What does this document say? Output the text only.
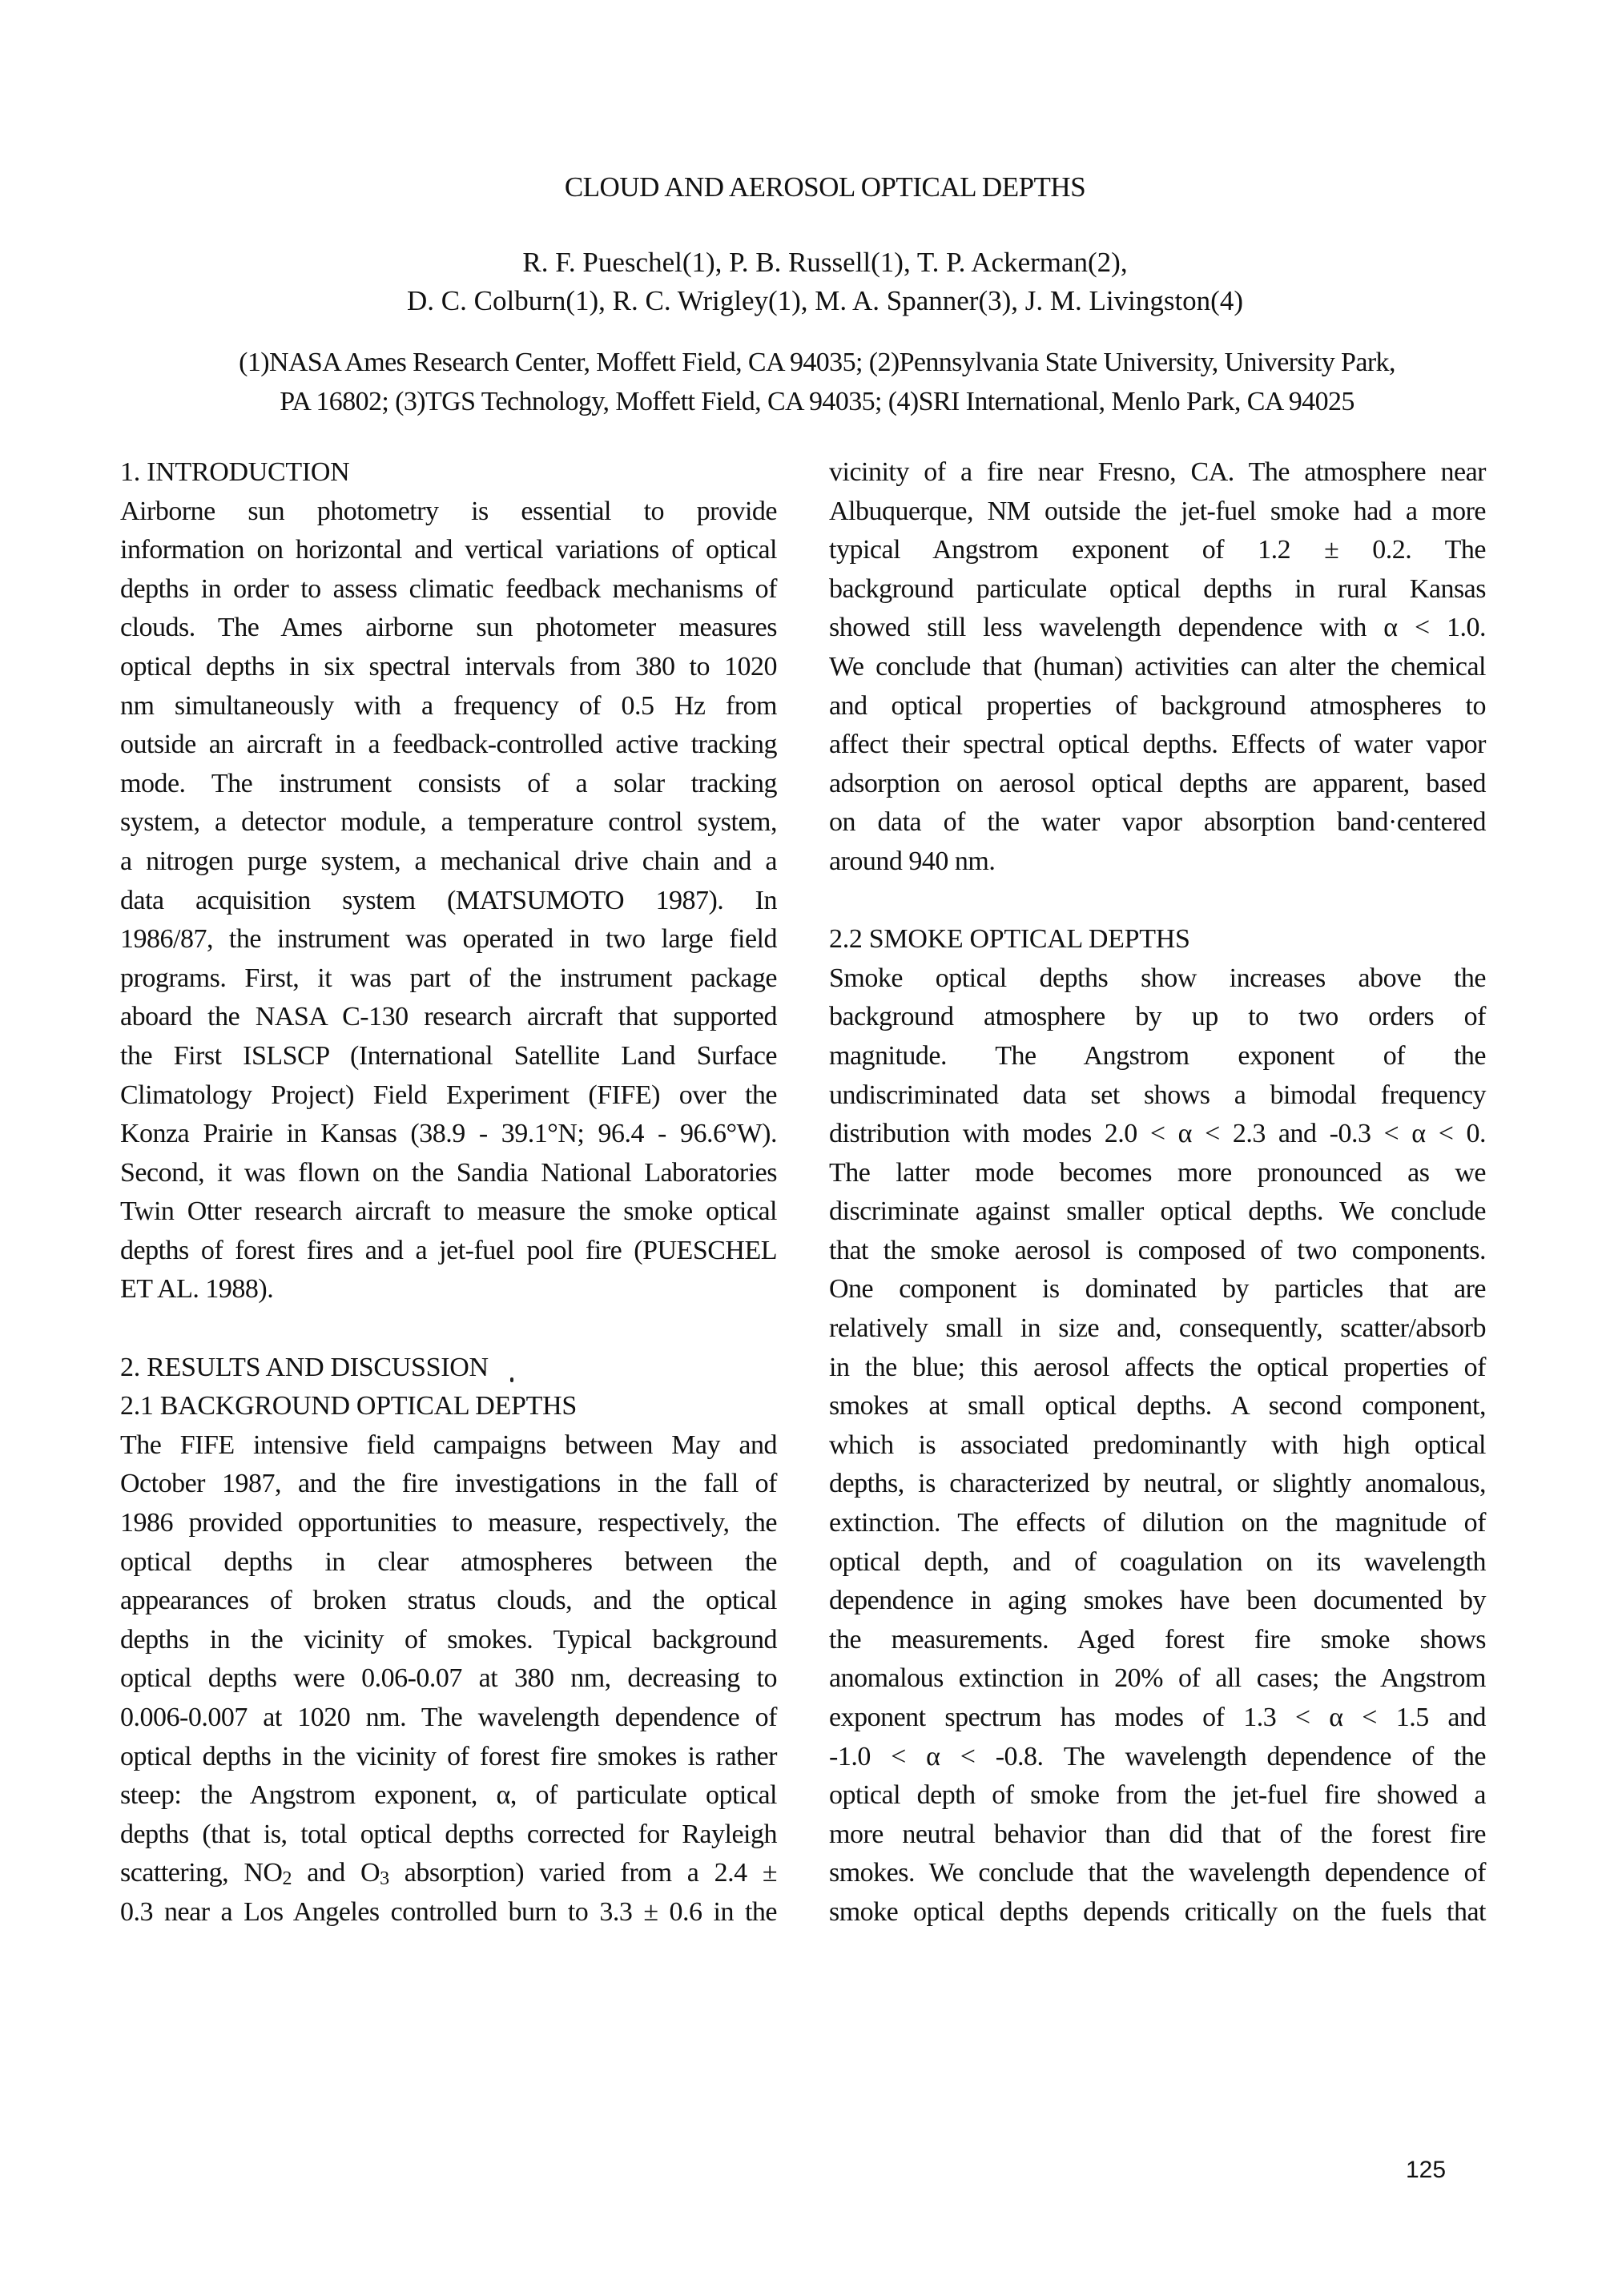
CLOUD AND AEROSOL OPTICAL DEPTHS
R. F. Pueschel(1), P. B. Russell(1), T. P. Ackerman(2),
D. C. Colburn(1), R. C. Wrigley(1), M. A. Spanner(3), J. M. Livingston(4)
(1)NASA Ames Research Center, Moffett Field, CA 94035; (2)Pennsylvania State University, University Park,
PA 16802; (3)TGS Technology, Moffett Field, CA 94035; (4)SRI International, Menlo Park, CA 94025
1. INTRODUCTION
Airborne sun photometry is essential to provide
information on horizontal and vertical variations of optical
depths in order to assess climatic feedback mechanisms of
clouds. The Ames airborne sun photometer measures
optical depths in six spectral intervals from 380 to 1020
nm simultaneously with a frequency of 0.5 Hz from
outside an aircraft in a feedback-controlled active tracking
mode. The instrument consists of a solar tracking
system, a detector module, a temperature control system,
a nitrogen purge system, a mechanical drive chain and a
data acquisition system (MATSUMOTO 1987). In
1986/87, the instrument was operated in two large field
programs. First, it was part of the instrument package
aboard the NASA C-130 research aircraft that supported
the First ISLSCP (International Satellite Land Surface
Climatology Project) Field Experiment (FIFE) over the
Konza Prairie in Kansas (38.9 - 39.1°N; 96.4 - 96.6°W).
Second, it was flown on the Sandia National Laboratories
Twin Otter research aircraft to measure the smoke optical
depths of forest fires and a jet-fuel pool fire (PUESCHEL
ET AL. 1988).
2. RESULTS AND DISCUSSION
2.1 BACKGROUND OPTICAL DEPTHS
The FIFE intensive field campaigns between May and
October 1987, and the fire investigations in the fall of
1986 provided opportunities to measure, respectively, the
optical depths in clear atmospheres between the
appearances of broken stratus clouds, and the optical
depths in the vicinity of smokes. Typical background
optical depths were 0.06-0.07 at 380 nm, decreasing to
0.006-0.007 at 1020 nm. The wavelength dependence of
optical depths in the vicinity of forest fire smokes is rather
steep: the Angstrom exponent, α, of particulate optical
depths (that is, total optical depths corrected for Rayleigh
scattering, $NO_2$ and $O_3$ absorption) varied from a 2.4 ±
0.3 near a Los Angeles controlled burn to 3.3 ± 0.6 in the
vicinity of a fire near Fresno, CA. The atmosphere near
Albuquerque, NM outside the jet-fuel smoke had a more
typical Angstrom exponent of 1.2 ± 0.2. The
background particulate optical depths in rural Kansas
showed still less wavelength dependence with α < 1.0.
We conclude that (human) activities can alter the chemical
and optical properties of background atmospheres to
affect their spectral optical depths. Effects of water vapor
adsorption on aerosol optical depths are apparent, based
on data of the water vapor absorption band·centered
around 940 nm.
2.2 SMOKE OPTICAL DEPTHS
Smoke optical depths show increases above the
background atmosphere by up to two orders of
magnitude. The Angstrom exponent of the
undiscriminated data set shows a bimodal frequency
distribution with modes 2.0 < α < 2.3 and -0.3 < α < 0.
The latter mode becomes more pronounced as we
discriminate against smaller optical depths. We conclude
that the smoke aerosol is composed of two components.
One component is dominated by particles that are
relatively small in size and, consequently, scatter/absorb
in the blue; this aerosol affects the optical properties of
smokes at small optical depths. A second component,
which is associated predominantly with high optical
depths, is characterized by neutral, or slightly anomalous,
extinction. The effects of dilution on the magnitude of
optical depth, and of coagulation on its wavelength
dependence in aging smokes have been documented by
the measurements. Aged forest fire smoke shows
anomalous extinction in 20% of all cases; the Angstrom
exponent spectrum has modes of 1.3 < α < 1.5 and
-1.0 < α < -0.8. The wavelength dependence of the
optical depth of smoke from the jet-fuel fire showed a
more neutral behavior than did that of the forest fire
smokes. We conclude that the wavelength dependence of
smoke optical depths depends critically on the fuels that
125
